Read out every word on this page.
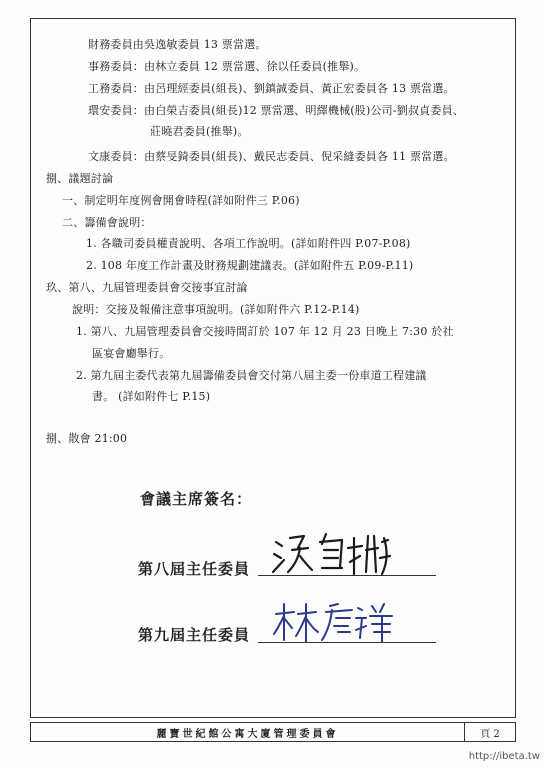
財務委員由吳逸敏委員 13 票當選。
事務委員：由林立委員 12 票當選、徐以任委員(推舉)。
工務委員：由呂理經委員(組長)、劉鎮誠委員、黃正宏委員各 13 票當選。
環安委員：由白榮吉委員(組長)12 票當選、明繹機械(股)公司-劉叔貞委員、
莊曉君委員(推舉)。
文康委員：由蔡旻錡委員(組長)、戴民志委員、倪采縫委員各 11 票當選。
捌、議題討論
一、制定明年度例會開會時程(詳如附件三 P.06)
二、籌備會說明：
1. 各職司委員權責說明、各項工作說明。(詳如附件四 P.07-P.08)
2. 108 年度工作計畫及財務規劃建議表。(詳如附件五 P.09-P.11)
玖、第八、九屆管理委員會交接事宜討論
說明：交接及報備注意事項說明。(詳如附件六 P.12-P.14)
1. 第八、九屆管理委員會交接時間訂於 107 年 12 月 23 日晚上 7:30 於社
區宴會廳舉行。
2. 第九屆主委代表第九屆籌備委員會交付第八屆主委一份車道工程建議
書。 (詳如附件七 P.15)
捌、散會 21:00
會議主席簽名：
第八屆主任委員
第九屆主任委員
麗寶世紀館公寓大廈管理委員會	頁 2
http://ibeta.tw
